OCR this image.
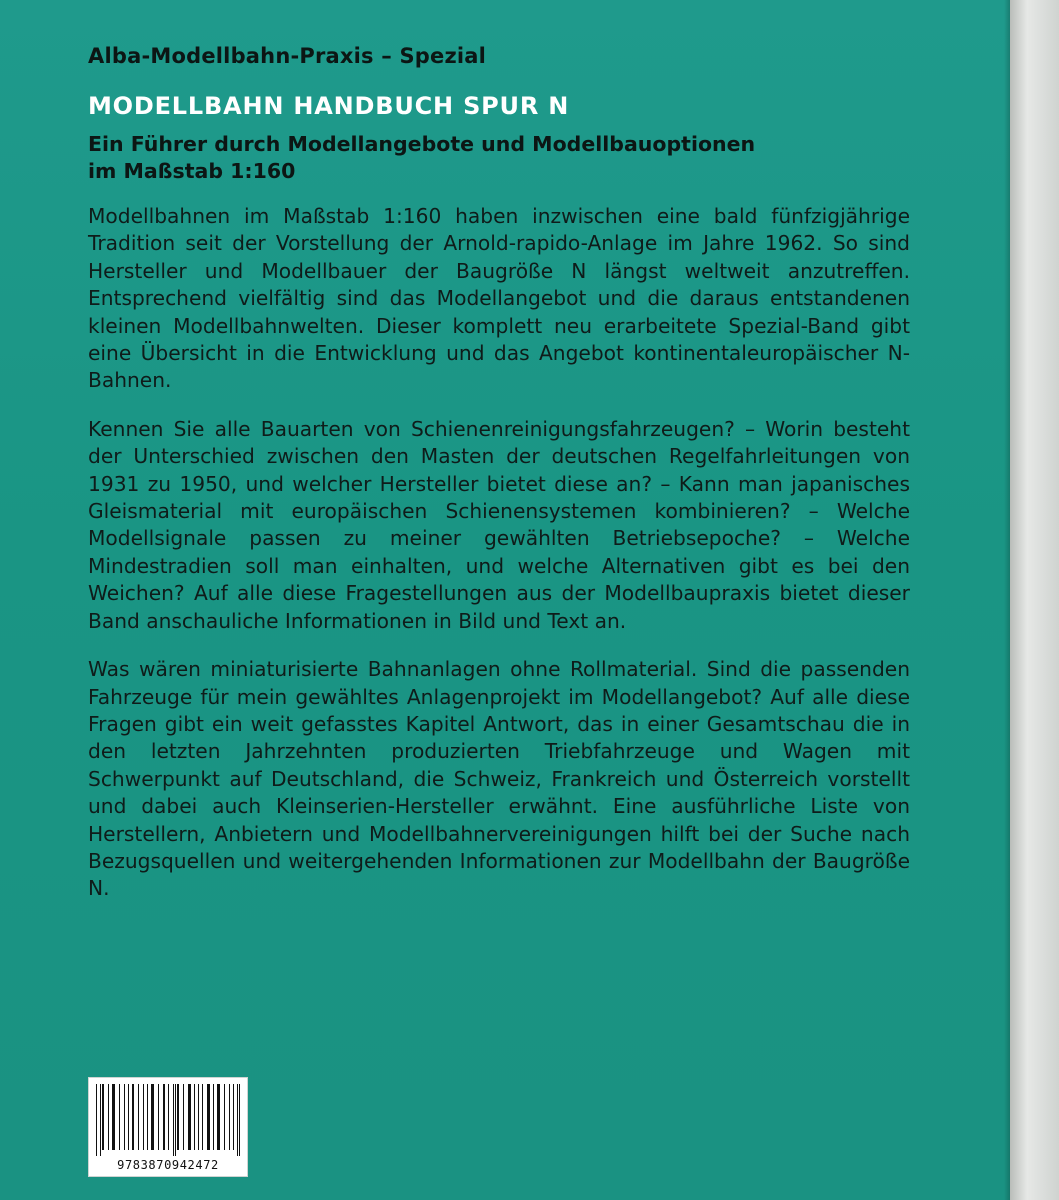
Alba-Modellbahn-Praxis – Spezial
MODELLBAHN HANDBUCH SPUR N
Ein Führer durch Modellangebote und Modellbauoptionen
im Maßstab 1:160

Modellbahnen im Maßstab 1:160 haben inzwischen eine bald fünfzigjährige Tradition seit der Vorstellung der Arnold-rapido-Anlage im Jahre 1962. So sind Hersteller und Modellbauer der Baugröße N längst weltweit anzutreffen. Entsprechend vielfältig sind das Modellangebot und die daraus entstandenen kleinen Modellbahnwelten. Dieser komplett neu erarbeitete Spezial-Band gibt eine Übersicht in die Entwicklung und das Angebot kontinentaleuropäischer N-Bahnen.

Kennen Sie alle Bauarten von Schienenreinigungsfahrzeugen? – Worin besteht der Unterschied zwischen den Masten der deutschen Regelfahrleitungen von 1931 zu 1950, und welcher Hersteller bietet diese an? – Kann man japanisches Gleismaterial mit europäischen Schienensystemen kombinieren? – Welche Modellsignale passen zu meiner gewählten Betriebsepoche? – Welche Mindestradien soll man einhalten, und welche Alternativen gibt es bei den Weichen? Auf alle diese Fragestellungen aus der Modellbaupraxis bietet dieser Band anschauliche Informationen in Bild und Text an.

Was wären miniaturisierte Bahnanlagen ohne Rollmaterial. Sind die passenden Fahrzeuge für mein gewähltes Anlagenprojekt im Modellangebot? Auf alle diese Fragen gibt ein weit gefasstes Kapitel Antwort, das in einer Gesamtschau die in den letzten Jahrzehnten produzierten Triebfahrzeuge und Wagen mit Schwerpunkt auf Deutschland, die Schweiz, Frankreich und Österreich vorstellt und dabei auch Kleinserien-Hersteller erwähnt. Eine ausführliche Liste von Herstellern, Anbietern und Modellbahnervereinigungen hilft bei der Suche nach Bezugsquellen und weitergehenden Informationen zur Modellbahn der Baugröße N.

9783870942472
